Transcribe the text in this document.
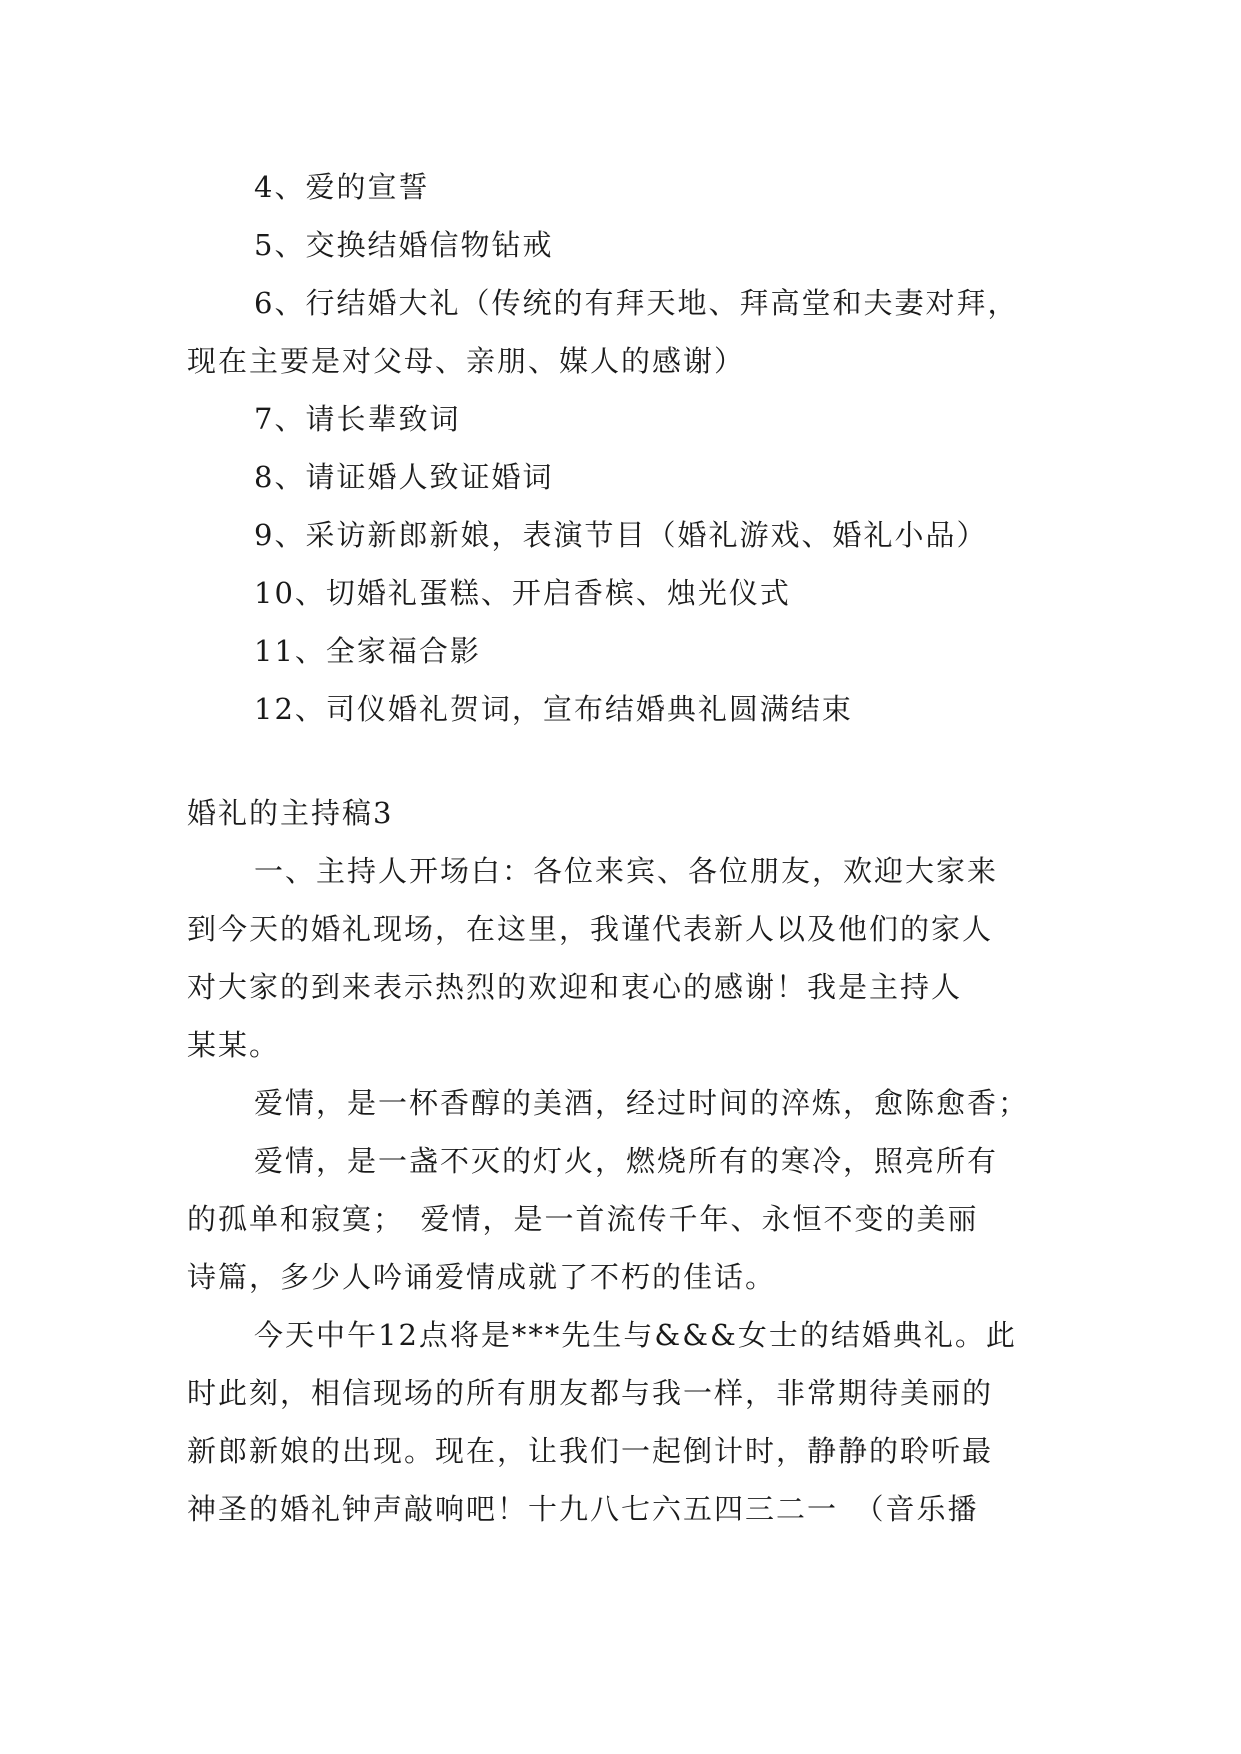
4、爱的宣誓
5、交换结婚信物钻戒
6、行结婚大礼（传统的有拜天地、拜高堂和夫妻对拜，
现在主要是对父母、亲朋、媒人的感谢）
7、请长辈致词
8、请证婚人致证婚词
9、采访新郎新娘，表演节目（婚礼游戏、婚礼小品）
10、切婚礼蛋糕、开启香槟、烛光仪式
11、全家福合影
12、司仪婚礼贺词，宣布结婚典礼圆满结束
婚礼的主持稿3
一、主持人开场白：各位来宾、各位朋友，欢迎大家来
到今天的婚礼现场，在这里，我谨代表新人以及他们的家人
对大家的到来表示热烈的欢迎和衷心的感谢！我是主持人
某某。
爱情，是一杯香醇的美酒，经过时间的淬炼，愈陈愈香；
爱情，是一盏不灭的灯火，燃烧所有的寒冷，照亮所有
的孤单和寂寞；　爱情，是一首流传千年、永恒不变的美丽
诗篇，多少人吟诵爱情成就了不朽的佳话。
今天中午12点将是***先生与&&&女士的结婚典礼。此
时此刻，相信现场的所有朋友都与我一样，非常期待美丽的
新郎新娘的出现。现在，让我们一起倒计时，静静的聆听最
神圣的婚礼钟声敲响吧！十九八七六五四三二一　（音乐播
